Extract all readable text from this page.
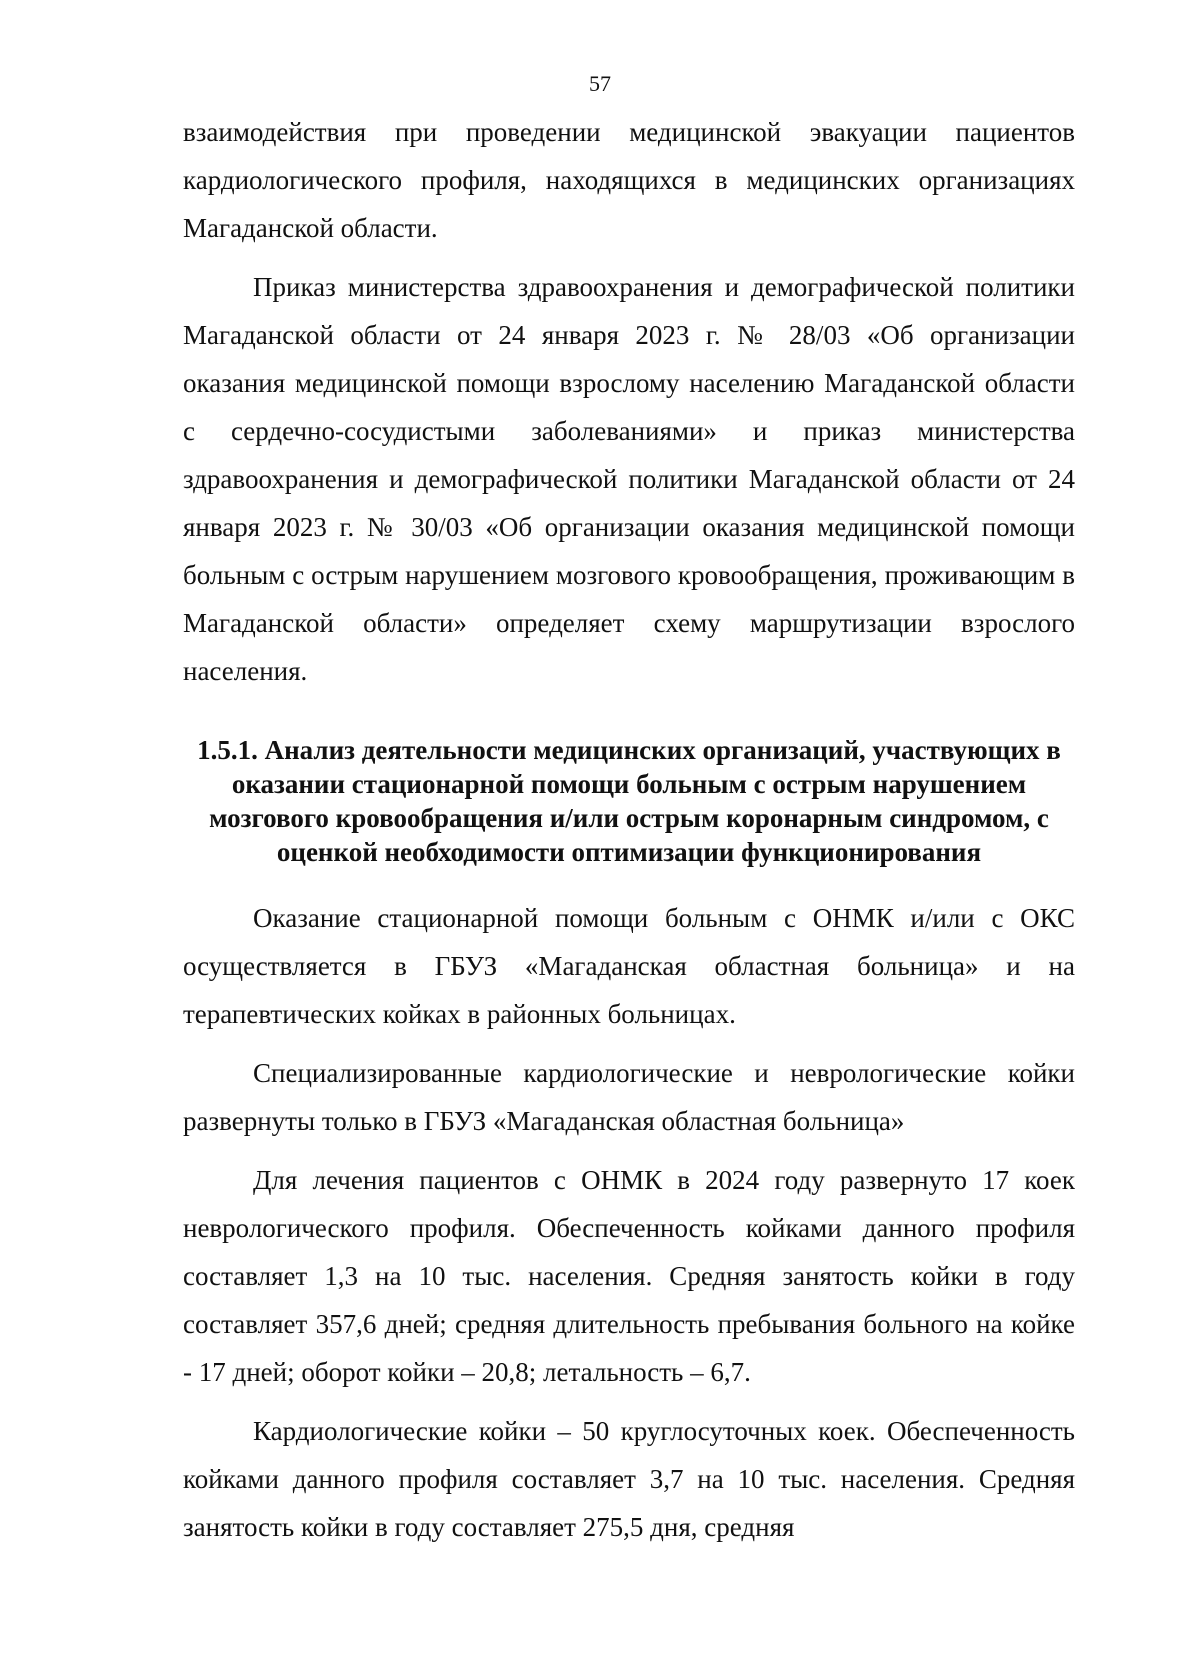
57

взаимодействия при проведении медицинской эвакуации пациентов кардиологического профиля, находящихся в медицинских организациях Магаданской области.

Приказ министерства здравоохранения и демографической политики Магаданской области от 24 января 2023 г. № 28/03 «Об организации оказания медицинской помощи взрослому населению Магаданской области с сердечно-сосудистыми заболеваниями» и приказ министерства здравоохранения и демографической политики Магаданской области от 24 января 2023 г. № 30/03 «Об организации оказания медицинской помощи больным с острым нарушением мозгового кровообращения, проживающим в Магаданской области» определяет схему маршрутизации взрослого населения.

1.5.1. Анализ деятельности медицинских организаций, участвующих в оказании стационарной помощи больным с острым нарушением мозгового кровообращения и/или острым коронарным синдромом, с оценкой необходимости оптимизации функционирования

Оказание стационарной помощи больным с ОНМК и/или с ОКС осуществляется в ГБУЗ «Магаданская областная больница» и на терапевтических койках в районных больницах.

Специализированные кардиологические и неврологические койки развернуты только в ГБУЗ «Магаданская областная больница»

Для лечения пациентов с ОНМК в 2024 году развернуто 17 коек неврологического профиля. Обеспеченность койками данного профиля составляет 1,3 на 10 тыс. населения. Средняя занятость койки в году составляет 357,6 дней; средняя длительность пребывания больного на койке - 17 дней; оборот койки – 20,8; летальность – 6,7.

Кардиологические койки – 50 круглосуточных коек. Обеспеченность койками данного профиля составляет 3,7 на 10 тыс. населения. Средняя занятость койки в году составляет 275,5 дня, средняя
